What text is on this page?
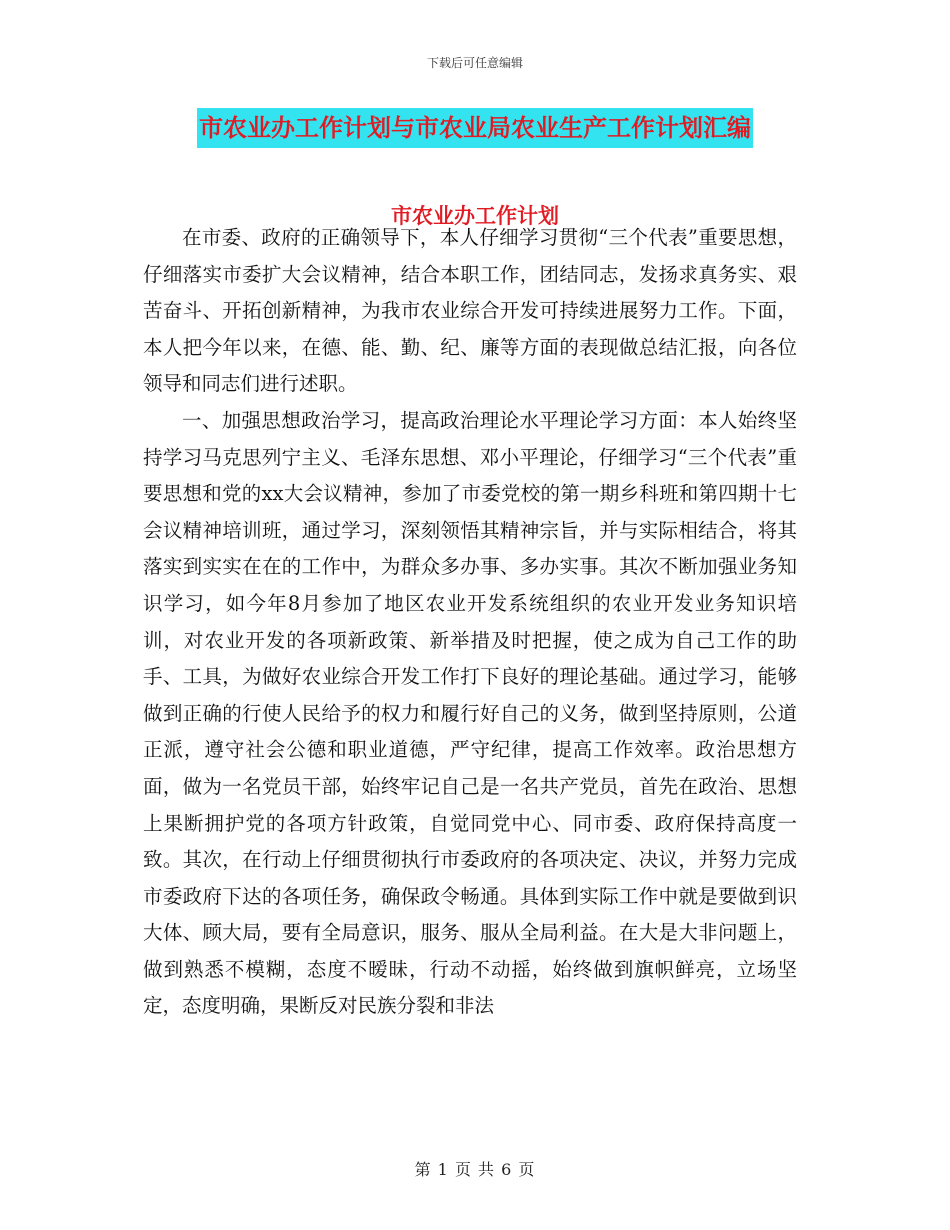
下载后可任意编辑
市农业办工作计划与市农业局农业生产工作计划汇编
市农业办工作计划

在市委、政府的正确领导下，本人仔细学习贯彻“三个代表”重要思想，仔细落实市委扩大会议精神，结合本职工作，团结同志，发扬求真务实、艰苦奋斗、开拓创新精神，为我市农业综合开发可持续进展努力工作。下面，本人把今年以来，在德、能、勤、纪、廉等方面的表现做总结汇报，向各位领导和同志们进行述职。

一、加强思想政治学习，提高政治理论水平理论学习方面：本人始终坚持学习马克思列宁主义、毛泽东思想、邓小平理论，仔细学习“三个代表”重要思想和党的xx大会议精神，参加了市委党校的第一期乡科班和第四期十七会议精神培训班，通过学习，深刻领悟其精神宗旨，并与实际相结合，将其落实到实实在在的工作中，为群众多办事、多办实事。其次不断加强业务知识学习，如今年8月参加了地区农业开发系统组织的农业开发业务知识培训，对农业开发的各项新政策、新举措及时把握，使之成为自己工作的助手、工具，为做好农业综合开发工作打下良好的理论基础。通过学习，能够做到正确的行使人民给予的权力和履行好自己的义务，做到坚持原则，公道正派，遵守社会公德和职业道德，严守纪律，提高工作效率。政治思想方面，做为一名党员干部，始终牢记自己是一名共产党员，首先在政治、思想上果断拥护党的各项方针政策，自觉同党中心、同市委、政府保持高度一致。其次，在行动上仔细贯彻执行市委政府的各项决定、决议，并努力完成市委政府下达的各项任务，确保政令畅通。具体到实际工作中就是要做到识大体、顾大局，要有全局意识，服务、服从全局利益。在大是大非问题上，做到熟悉不模糊，态度不暧昧，行动不动摇，始终做到旗帜鲜亮，立场坚定，态度明确，果断反对民族分裂和非法

第 1 页 共 6 页
